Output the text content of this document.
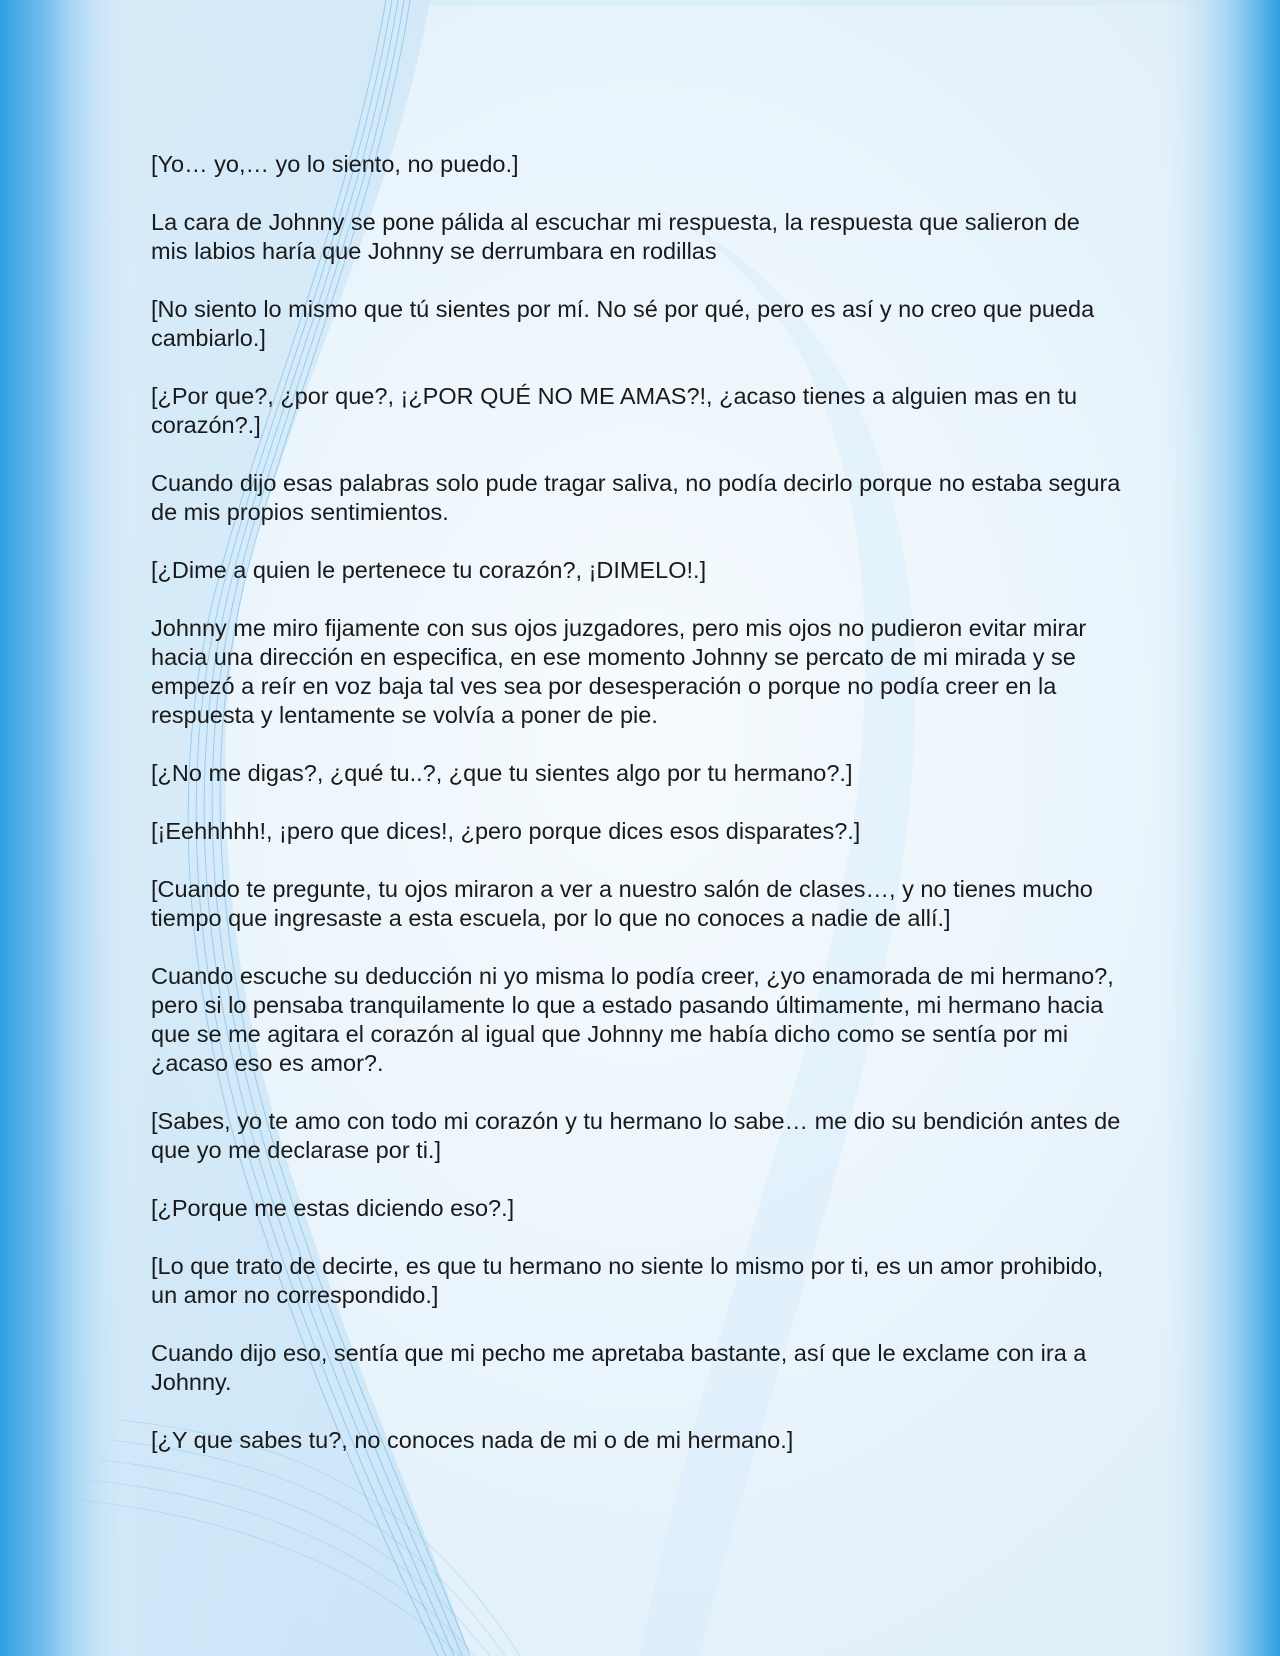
[Yo… yo,… yo lo siento, no puedo.]

La cara de Johnny se pone pálida al escuchar mi respuesta, la respuesta que salieron de mis labios haría que Johnny se derrumbara en rodillas

[No siento lo mismo que tú sientes por mí. No sé por qué, pero es así y no creo que pueda cambiarlo.]

[¿Por que?, ¿por que?, ¡¿POR QUÉ NO ME AMAS?!, ¿acaso tienes a alguien mas en tu corazón?.]

Cuando dijo esas palabras solo pude tragar saliva, no podía decirlo porque no estaba segura de mis propios sentimientos.

[¿Dime a quien le pertenece tu corazón?, ¡DIMELO!.]

Johnny me miro fijamente con sus ojos juzgadores, pero mis ojos no pudieron evitar mirar hacia una dirección en especifica, en ese momento Johnny se percato de mi mirada y se empezó a reír en voz baja tal ves sea por desesperación o porque no podía creer en la respuesta y lentamente se volvía a poner de pie.

[¿No me digas?, ¿qué tu..?, ¿que tu sientes algo por tu hermano?.]

[¡Eehhhhh!, ¡pero que dices!, ¿pero porque dices esos disparates?.]

[Cuando te pregunte, tu ojos miraron a ver a nuestro salón de clases…, y no tienes mucho tiempo que ingresaste a esta escuela, por lo que no conoces a nadie de allí.]

Cuando escuche su deducción ni yo misma lo podía creer, ¿yo enamorada de mi hermano?, pero si lo pensaba tranquilamente lo que a estado pasando últimamente, mi hermano hacia que se me agitara el corazón al igual que Johnny me había dicho como se sentía por mi ¿acaso eso es amor?.

[Sabes, yo te amo con todo mi corazón y tu hermano lo sabe… me dio su bendición antes de que yo me declarase por ti.]

[¿Porque me estas diciendo eso?.]

[Lo que trato de decirte, es que tu hermano no siente lo mismo por ti, es un amor prohibido, un amor no correspondido.]

Cuando dijo eso, sentía que mi pecho me apretaba bastante, así que le exclame con ira a Johnny.

[¿Y que sabes tu?, no conoces nada de mi o de mi hermano.]
